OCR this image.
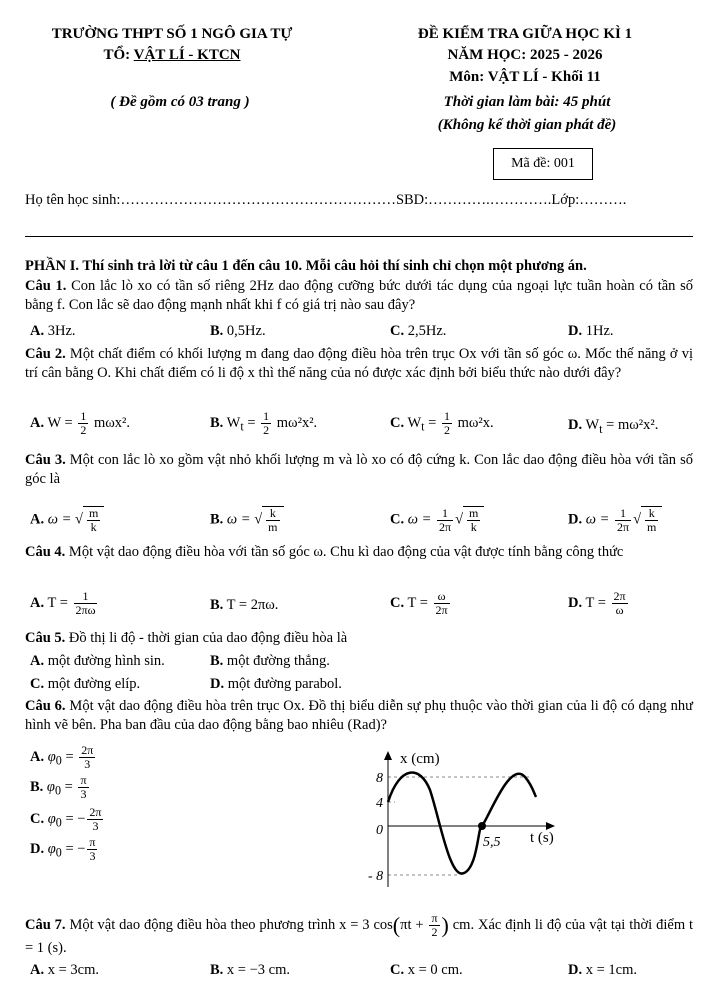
TRƯỜNG THPT SỐ 1 NGÔ GIA TỰ
TỔ: VẬT LÍ - KTCN
( Đề gồm có 03 trang )
ĐỀ KIỂM TRA GIỮA HỌC KÌ 1
NĂM HỌC: 2025 - 2026
Môn: VẬT LÍ - Khối 11
Thời gian làm bài: 45 phút
(Không kể thời gian phát đề)
Mã đề: 001
Họ tên học sinh:…………………………………………………SBD:………….………….Lớp:……….
PHẦN I. Thí sinh trả lời từ câu 1 đến câu 10. Mỗi câu hỏi thí sinh chỉ chọn một phương án.
Câu 1. Con lắc lò xo có tần số riêng 2Hz dao động cưỡng bức dưới tác dụng của ngoại lực tuần hoàn có tần số bằng f. Con lắc sẽ dao động mạnh nhất khi f có giá trị nào sau đây?
A. 3Hz.	B. 0,5Hz.	C. 2,5Hz.	D. 1Hz.
Câu 2. Một chất điểm có khối lượng m đang dao động điều hòa trên trục Ox với tần số góc ω. Mốc thế năng ở vị trí cân bằng O. Khi chất điểm có li độ x thì thế năng của nó được xác định bởi biểu thức nào dưới đây?
A. $W = \frac{1}{2} m\omega x^2$.	B. $W_t = \frac{1}{2} m\omega^2x^2$.	C. $W_t = \frac{1}{2} m\omega^2x$.	D. $W_t = m\omega^2x^2$.
Câu 3. Một con lắc lò xo gồm vật nhỏ khối lượng m và lò xo có độ cứng k. Con lắc dao động điều hòa với tần số góc là
A. ω = √ $\frac{m}{k}$	B. ω = √ $\frac{k}{m}$	C. $\omega = \frac{1}{2\pi}$ √ $\frac{m}{k}$	D. $\omega = \frac{1}{2\pi}$ √ $\frac{k}{m}$
Câu 4. Một vật dao động điều hòa với tần số góc ω. Chu kì dao động của vật được tính bằng công thức
A. $T = \frac{1}{2\pi\omega}$	B. T = 2πω.	C. $T = \frac{\omega}{2\pi}$	D. $T = \frac{2\pi}{\omega}$
Câu 5. Đồ thị li độ - thời gian của dao động điều hòa là
A. một đường hình sin.	B. một đường thẳng.
C. một đường elíp.	D. một đường parabol.
Câu 6. Một vật dao động điều hòa trên trục Ox. Đồ thị biểu diễn sự phụ thuộc vào thời gian của li độ có dạng như hình vẽ bên. Pha ban đầu của dao động bằng bao nhiêu (Rad)?
A. $\varphi_0 = \frac{2\pi}{3}$
B. $\varphi_0 = \frac{\pi}{3}$
C. $\varphi_0$ = − $\frac{2\pi}{3}$
D. $\varphi_0$ = − $\frac{\pi}{3}$
x (cm)
t (s)
8
4
0
- 8
5,5
Câu 7. Một vật dao động điều hòa theo phương trình x = 3 $\cos(\pi t + \frac{\pi}{2}$ ) cm. Xác định li độ của vật tại thời điểm t = 1 (s).
A. x = 3cm.	B. x = −3 cm.	C. x = 0 cm.	D. x = 1cm.
